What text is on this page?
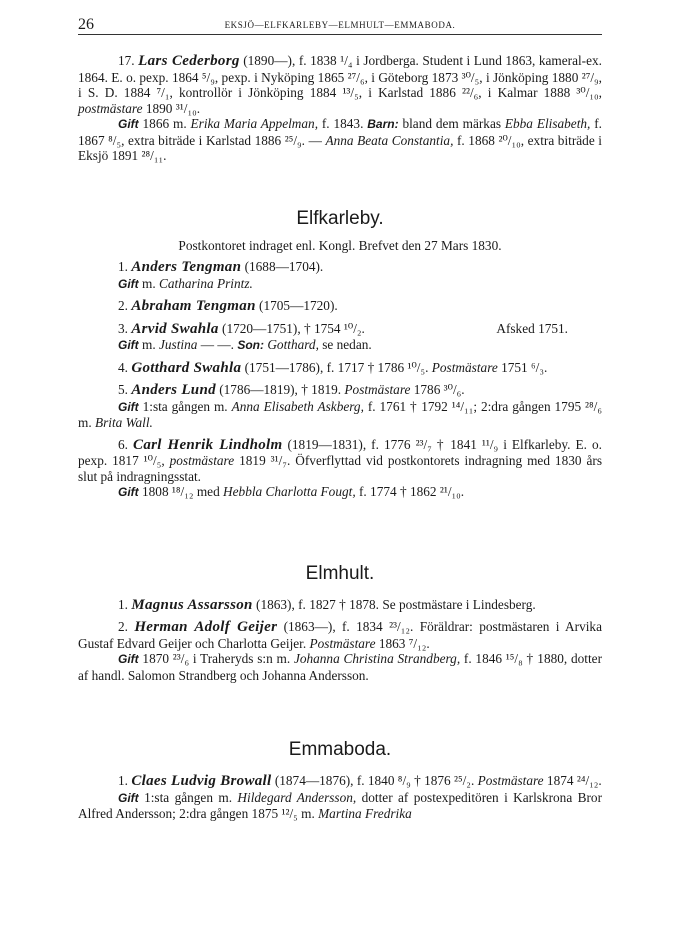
26	EKSJÖ—ELFKARLEBY—ELMHULT—EMMABODA.

17. Lars Cederborg (1890—), f. 1838 ¹/₄ i Jordberga. Student i Lund 1863, kameral-ex. 1864. E. o. pexp. 1864 ⁵/₉, pexp. i Nyköping 1865 ²⁷/₆, i Göteborg 1873 ³⁰/₅, i Jönköping 1880 ²⁷/₉, i S. D. 1884 ⁷/₁, kontrollör i Jönköping 1884 ¹³/₅, i Karlstad 1886 ²²/₆, i Kalmar 1888 ³⁰/₁₀, postmästare 1890 ³¹/₁₀.

Gift 1866 m. Erika Maria Appelman, f. 1843. Barn: bland dem märkas Ebba Elisabeth, f. 1867 ⁸/₅, extra biträde i Karlstad 1886 ²⁵/₉. — Anna Beata Constantia, f. 1868 ²⁰/₁₀, extra biträde i Eksjö 1891 ²⁸/₁₁.

Elfkarleby.

Postkontoret indraget enl. Kongl. Brefvet den 27 Mars 1830.

1. Anders Tengman (1688—1704).

Gift m. Catharina Printz.

2. Abraham Tengman (1705—1720).

3. Arvid Swahla (1720—1751), † 1754 ¹⁰/₂.	Afsked 1751.

Gift m. Justina — —. Son: Gotthard, se nedan.

4. Gotthard Swahla (1751—1786), f. 1717 † 1786 ¹⁰/₅. Postmästare 1751 ⁶/₃.

5. Anders Lund (1786—1819), † 1819. Postmästare 1786 ³⁰/₆.

Gift 1:sta gången m. Anna Elisabeth Askberg, f. 1761 † 1792 ¹⁴/₁₁; 2:dra gången 1795 ²⁸/₆ m. Brita Wall.

6. Carl Henrik Lindholm (1819—1831), f. 1776 ²³/₇ † 1841 ¹¹/₉ i Elfkarleby. E. o. pexp. 1817 ¹⁰/₅, postmästare 1819 ³¹/₇. Öfverflyttad vid postkontorets indragning med 1830 års slut på indragningsstat.

Gift 1808 ¹⁸/₁₂ med Hebbla Charlotta Fougt, f. 1774 † 1862 ²¹/₁₀.

Elmhult.

1. Magnus Assarsson (1863), f. 1827 † 1878. Se postmästare i Lindesberg.

2. Herman Adolf Geijer (1863—), f. 1834 ²³/₁₂. Föräldrar: postmästaren i Arvika Gustaf Edvard Geijer och Charlotta Geijer. Postmästare 1863 ⁷/₁₂.

Gift 1870 ²³/₆ i Traheryds s:n m. Johanna Christina Strandberg, f. 1846 ¹⁵/₈ † 1880, dotter af handl. Salomon Strandberg och Johanna Andersson.

Emmaboda.

1. Claes Ludvig Browall (1874—1876), f. 1840 ⁸/₉ † 1876 ²⁵/₂. Postmästare 1874 ²⁴/₁₂.

Gift 1:sta gången m. Hildegard Andersson, dotter af postexpeditören i Karlskrona Bror Alfred Andersson; 2:dra gången 1875 ¹²/₅ m. Martina Fredrika
